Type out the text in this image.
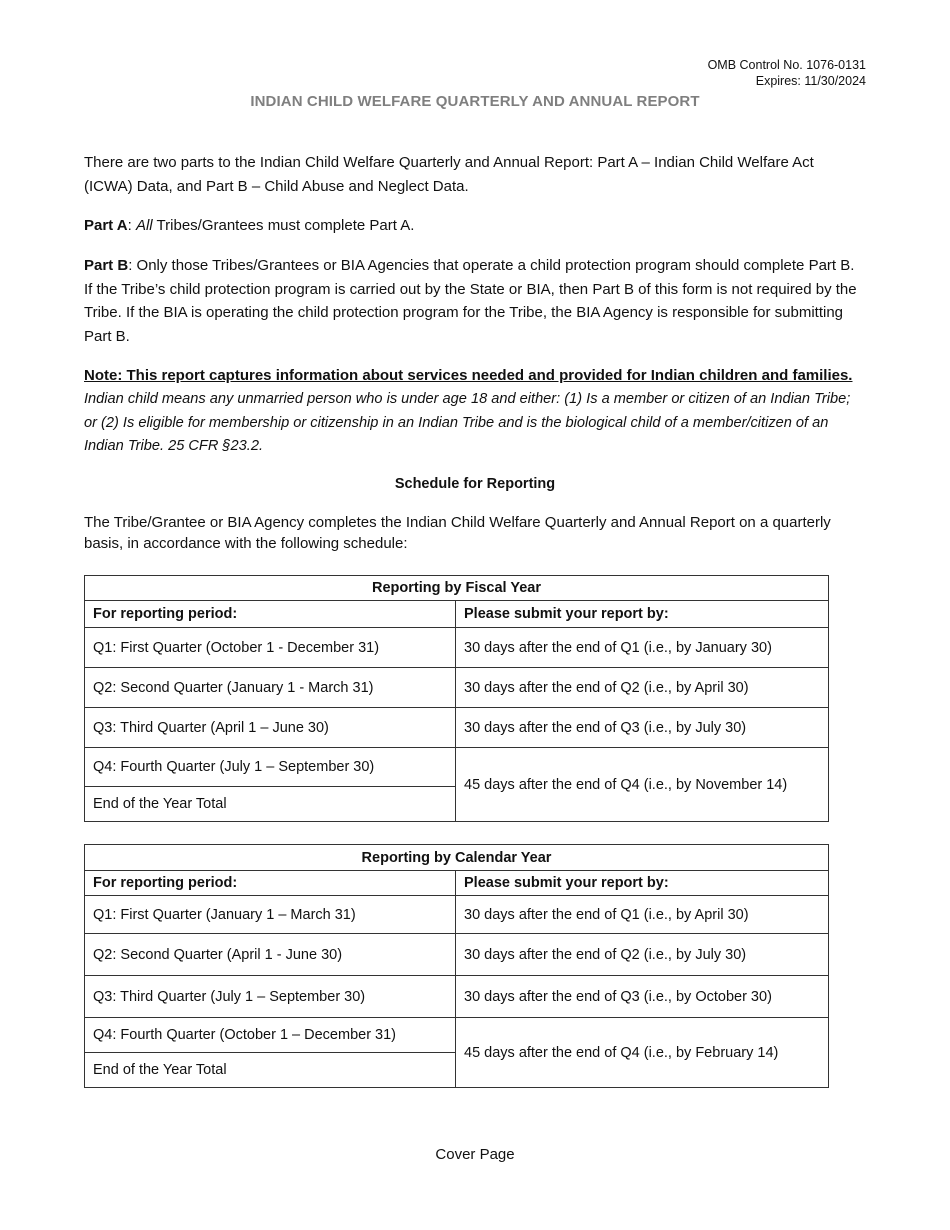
OMB Control No. 1076-0131
Expires: 11/30/2024
INDIAN CHILD WELFARE QUARTERLY AND ANNUAL REPORT

There are two parts to the Indian Child Welfare Quarterly and Annual Report: Part A – Indian Child Welfare Act (ICWA) Data, and Part B – Child Abuse and Neglect Data.

Part A: All Tribes/Grantees must complete Part A.

Part B: Only those Tribes/Grantees or BIA Agencies that operate a child protection program should complete Part B. If the Tribe’s child protection program is carried out by the State or BIA, then Part B of this form is not required by the Tribe. If the BIA is operating the child protection program for the Tribe, the BIA Agency is responsible for submitting Part B.

Note: This report captures information about services needed and provided for Indian children and families.

Indian child means any unmarried person who is under age 18 and either: (1) Is a member or citizen of an Indian Tribe; or (2) Is eligible for membership or citizenship in an Indian Tribe and is the biological child of a member/citizen of an Indian Tribe. 25 CFR §23.2.

Schedule for Reporting

The Tribe/Grantee or BIA Agency completes the Indian Child Welfare Quarterly and Annual Report on a quarterly basis, in accordance with the following schedule:

Reporting by Fiscal Year	
For reporting period:	Please submit your report by:
Q1: First Quarter (October 1 - December 31)	30 days after the end of Q1 (i.e., by January 30)
Q2: Second Quarter (January 1 - March 31)	30 days after the end of Q2 (i.e., by April 30)
Q3: Third Quarter (April 1 – June 30)	30 days after the end of Q3 (i.e., by July 30)
Q4: Fourth Quarter (July 1 – September 30)	45 days after the end of Q4 (i.e., by November 14)
End of the Year Total	
Reporting by Calendar Year	
For reporting period:	Please submit your report by:
Q1: First Quarter (January 1 – March 31)	30 days after the end of Q1 (i.e., by April 30)
Q2: Second Quarter (April 1 - June 30)	30 days after the end of Q2 (i.e., by July 30)
Q3: Third Quarter (July 1 – September 30)	30 days after the end of Q3 (i.e., by October 30)
Q4: Fourth Quarter (October 1 – December 31)	45 days after the end of Q4 (i.e., by February 14)
End of the Year Total	
Cover Page
